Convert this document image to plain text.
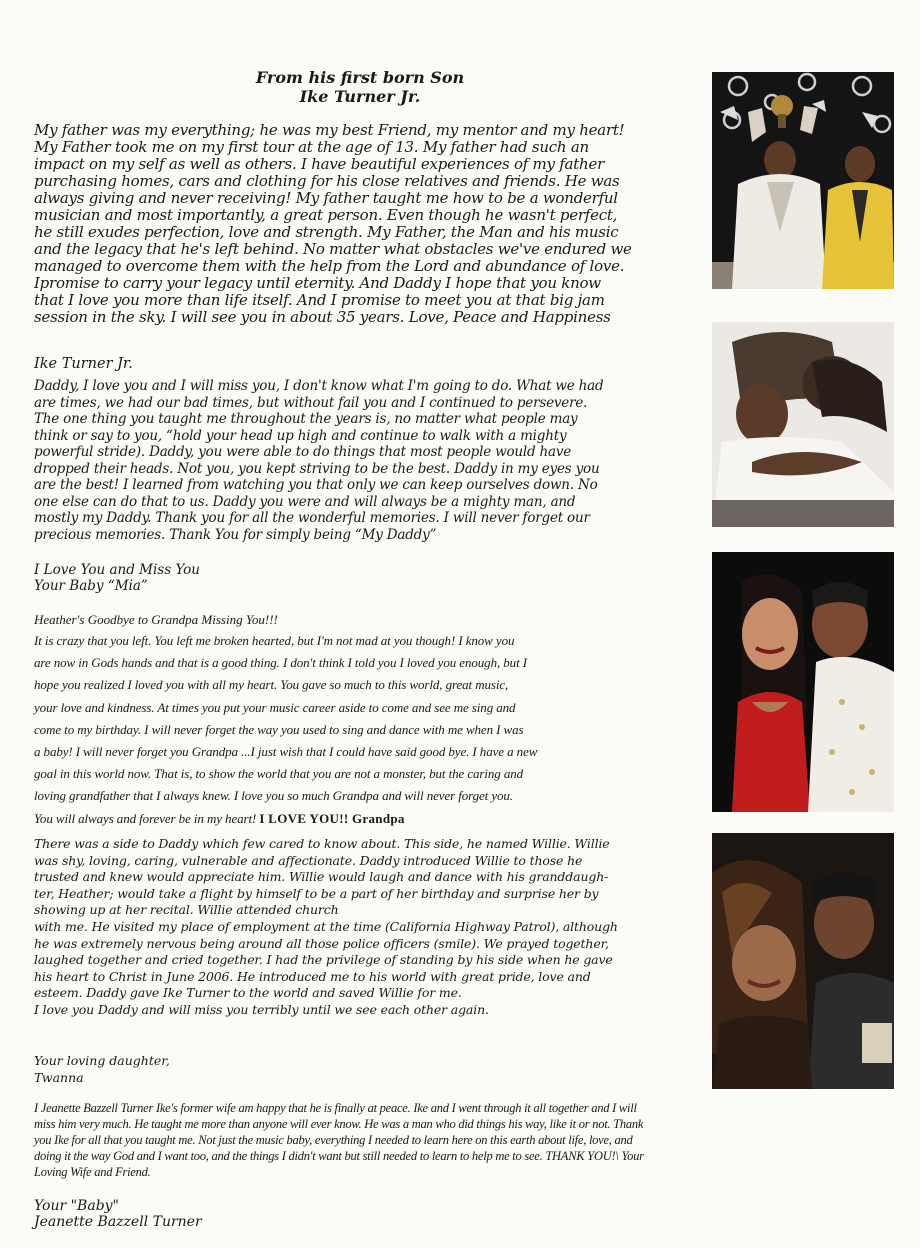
From his first born Son
Ike Turner Jr.
My father was my everything; he was my best Friend, my mentor and my heart!
My Father took me on my first tour at the age of 13. My father had such an
impact on my self as well as others. I have beautiful experiences of my father
purchasing homes, cars and clothing for his close relatives and friends. He was
always giving and never receiving! My father taught me how to be a wonderful
musician and most importantly, a great person. Even though he wasn't perfect,
he still exudes perfection, love and strength. My Father, the Man and his music
and the legacy that he's left behind. No matter what obstacles we've endured we
managed to overcome them with the help from the Lord and abundance of love.
Ipromise to carry your legacy until eternity. And Daddy I hope that you know
that I love you more than life itself. And I promise to meet you at that big jam
session in the sky. I will see you in about 35 years. Love, Peace and Happiness
Ike Turner Jr.
Daddy, I love you and I will miss you, I don't know what I'm going to do. What we had
are times, we had our bad times, but without fail you and I continued to persevere.
The one thing you taught me throughout the years is, no matter what people may
think or say to you, “hold your head up high and continue to walk with a mighty
powerful stride). Daddy, you were able to do things that most people would have
dropped their heads. Not you, you kept striving to be the best. Daddy in my eyes you
are the best! I learned from watching you that only we can keep ourselves down. No
one else can do that to us. Daddy you were and will always be a mighty man, and
mostly my Daddy. Thank you for all the wonderful memories. I will never forget our
precious memories. Thank You for simply being “My Daddy”
I Love You and Miss You
Your Baby “Mia”
Heather's Goodbye to Grandpa Missing You!!!
It is crazy that you left. You left me broken hearted, but I'm not mad at you though! I know you
are now in Gods hands and that is a good thing. I don't think I told you I loved you enough, but I
hope you realized I loved you with all my heart. You gave so much to this world, great music,
your love and kindness. At times you put your music career aside to come and see me sing and
come to my birthday. I will never forget the way you used to sing and dance with me when I was
a baby! I will never forget you Grandpa ...I just wish that I could have said good bye. I have a new
goal in this world now. That is, to show the world that you are not a monster, but the caring and
loving grandfather that I always knew. I love you so much Grandpa and will never forget you.
You will always and forever be in my heart! I LOVE YOU!! Grandpa
There was a side to Daddy which few cared to know about. This side, he named Willie. Willie
was shy, loving, caring, vulnerable and affectionate. Daddy introduced Willie to those he
trusted and knew would appreciate him. Willie would laugh and dance with his granddaugh-
ter, Heather; would take a flight by himself to be a part of her birthday and surprise her by
showing up at her recital. Willie attended church
with me. He visited my place of employment at the time (California Highway Patrol), although
he was extremely nervous being around all those police officers (smile). We prayed together,
laughed together and cried together. I had the privilege of standing by his side when he gave
his heart to Christ in June 2006. He introduced me to his world with great pride, love and
esteem. Daddy gave Ike Turner to the world and saved Willie for me.
I love you Daddy and will miss you terribly until we see each other again.
Your loving daughter,
Twanna
I Jeanette Bazzell Turner Ike's former wife am happy that he is finally at peace. Ike and I went through it all together and I will
miss him very much. He taught me more than anyone will ever know. He was a man who did things his way, like it or not. Thank
you Ike for all that you taught me. Not just the music baby, everything I needed to learn here on this earth about life, love, and
doing it the way God and I want too, and the things I didn't want but still needed to learn to help me to see. THANK YOU!\ Your
Loving Wife and Friend.
Your "Baby"
Jeanette Bazzell Turner
